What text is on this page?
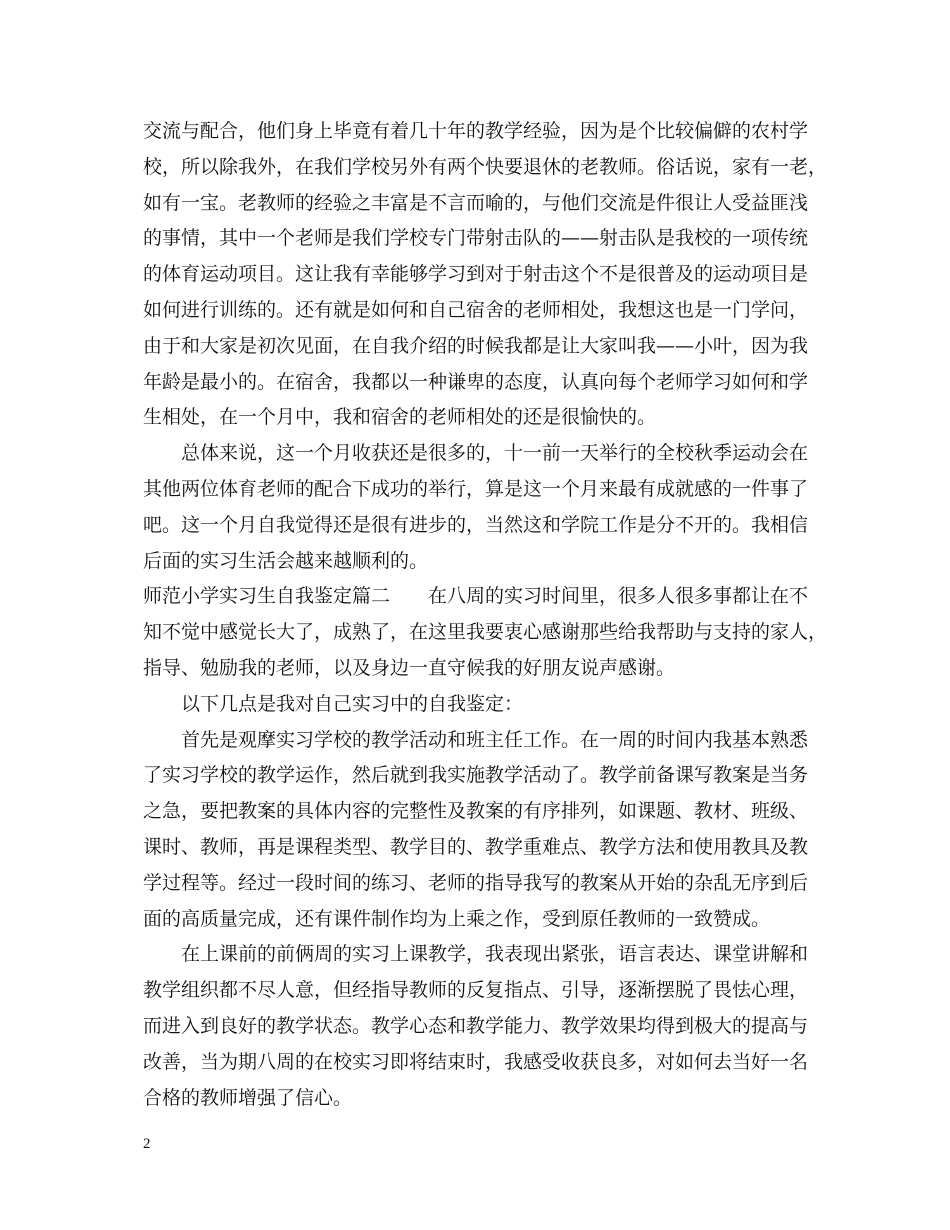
交流与配合，他们身上毕竟有着几十年的教学经验，因为是个比较偏僻的农村学
校，所以除我外，在我们学校另外有两个快要退休的老教师。俗话说，家有一老，
如有一宝。老教师的经验之丰富是不言而喻的，与他们交流是件很让人受益匪浅
的事情，其中一个老师是我们学校专门带射击队的——射击队是我校的一项传统
的体育运动项目。这让我有幸能够学习到对于射击这个不是很普及的运动项目是
如何进行训练的。还有就是如何和自己宿舍的老师相处，我想这也是一门学问，
由于和大家是初次见面，在自我介绍的时候我都是让大家叫我——小叶，因为我
年龄是最小的。在宿舍，我都以一种谦卑的态度，认真向每个老师学习如何和学
生相处，在一个月中，我和宿舍的老师相处的还是很愉快的。
　　总体来说，这一个月收获还是很多的，十一前一天举行的全校秋季运动会在
其他两位体育老师的配合下成功的举行，算是这一个月来最有成就感的一件事了
吧。这一个月自我觉得还是很有进步的，当然这和学院工作是分不开的。我相信
后面的实习生活会越来越顺利的。
师范小学实习生自我鉴定篇二　　在八周的实习时间里，很多人很多事都让在不
知不觉中感觉长大了，成熟了，在这里我要衷心感谢那些给我帮助与支持的家人，
指导、勉励我的老师，以及身边一直守候我的好朋友说声感谢。
　　以下几点是我对自己实习中的自我鉴定：
　　首先是观摩实习学校的教学活动和班主任工作。在一周的时间内我基本熟悉
了实习学校的教学运作，然后就到我实施教学活动了。教学前备课写教案是当务
之急，要把教案的具体内容的完整性及教案的有序排列，如课题、教材、班级、
课时、教师，再是课程类型、教学目的、教学重难点、教学方法和使用教具及教
学过程等。经过一段时间的练习、老师的指导我写的教案从开始的杂乱无序到后
面的高质量完成，还有课件制作均为上乘之作，受到原任教师的一致赞成。
　　在上课前的前俩周的实习上课教学，我表现出紧张，语言表达、课堂讲解和
教学组织都不尽人意，但经指导教师的反复指点、引导，逐渐摆脱了畏怯心理，
而进入到良好的教学状态。教学心态和教学能力、教学效果均得到极大的提高与
改善，当为期八周的在校实习即将结束时，我感受收获良多，对如何去当好一名
合格的教师增强了信心。
2
